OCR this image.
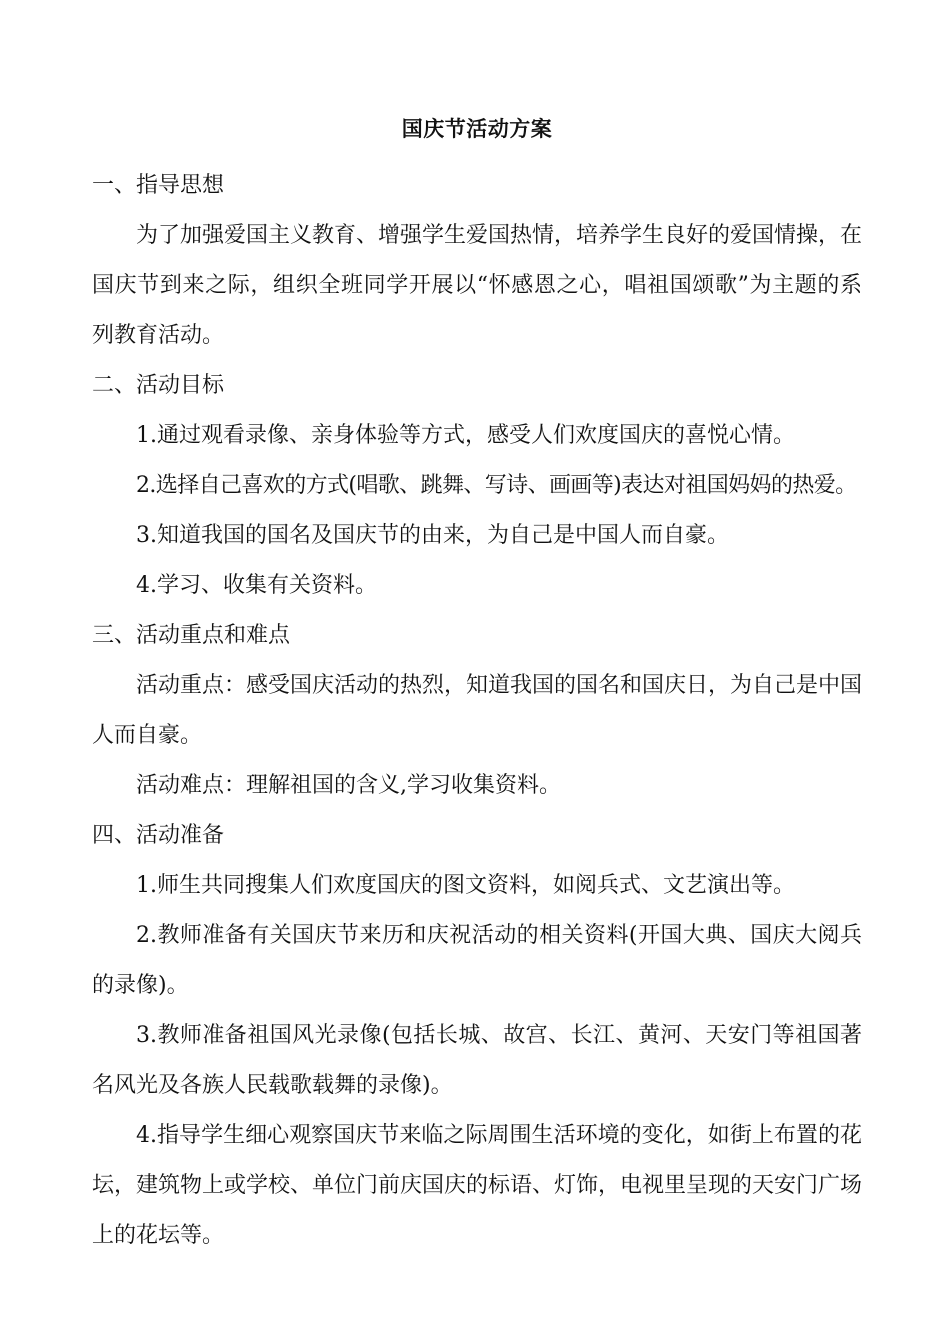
国庆节活动方案
一、指导思想
为了加强爱国主义教育、增强学生爱国热情，培养学生良好的爱国情操，在国庆节到来之际，组织全班同学开展以“怀感恩之心，唱祖国颂歌”为主题的系列教育活动。
二、活动目标
1.通过观看录像、亲身体验等方式，感受人们欢度国庆的喜悦心情。
2.选择自己喜欢的方式(唱歌、跳舞、写诗、画画等)表达对祖国妈妈的热爱。
3.知道我国的国名及国庆节的由来，为自己是中国人而自豪。
4.学习、收集有关资料。
三、活动重点和难点
活动重点：感受国庆活动的热烈，知道我国的国名和国庆日，为自己是中国人而自豪。
活动难点：理解祖国的含义,学习收集资料。
四、活动准备
1.师生共同搜集人们欢度国庆的图文资料，如阅兵式、文艺演出等。
2.教师准备有关国庆节来历和庆祝活动的相关资料(开国大典、国庆大阅兵的录像)。
3.教师准备祖国风光录像(包括长城、故宫、长江、黄河、天安门等祖国著名风光及各族人民载歌载舞的录像)。
4.指导学生细心观察国庆节来临之际周围生活环境的变化，如街上布置的花坛，建筑物上或学校、单位门前庆国庆的标语、灯饰，电视里呈现的天安门广场上的花坛等。
